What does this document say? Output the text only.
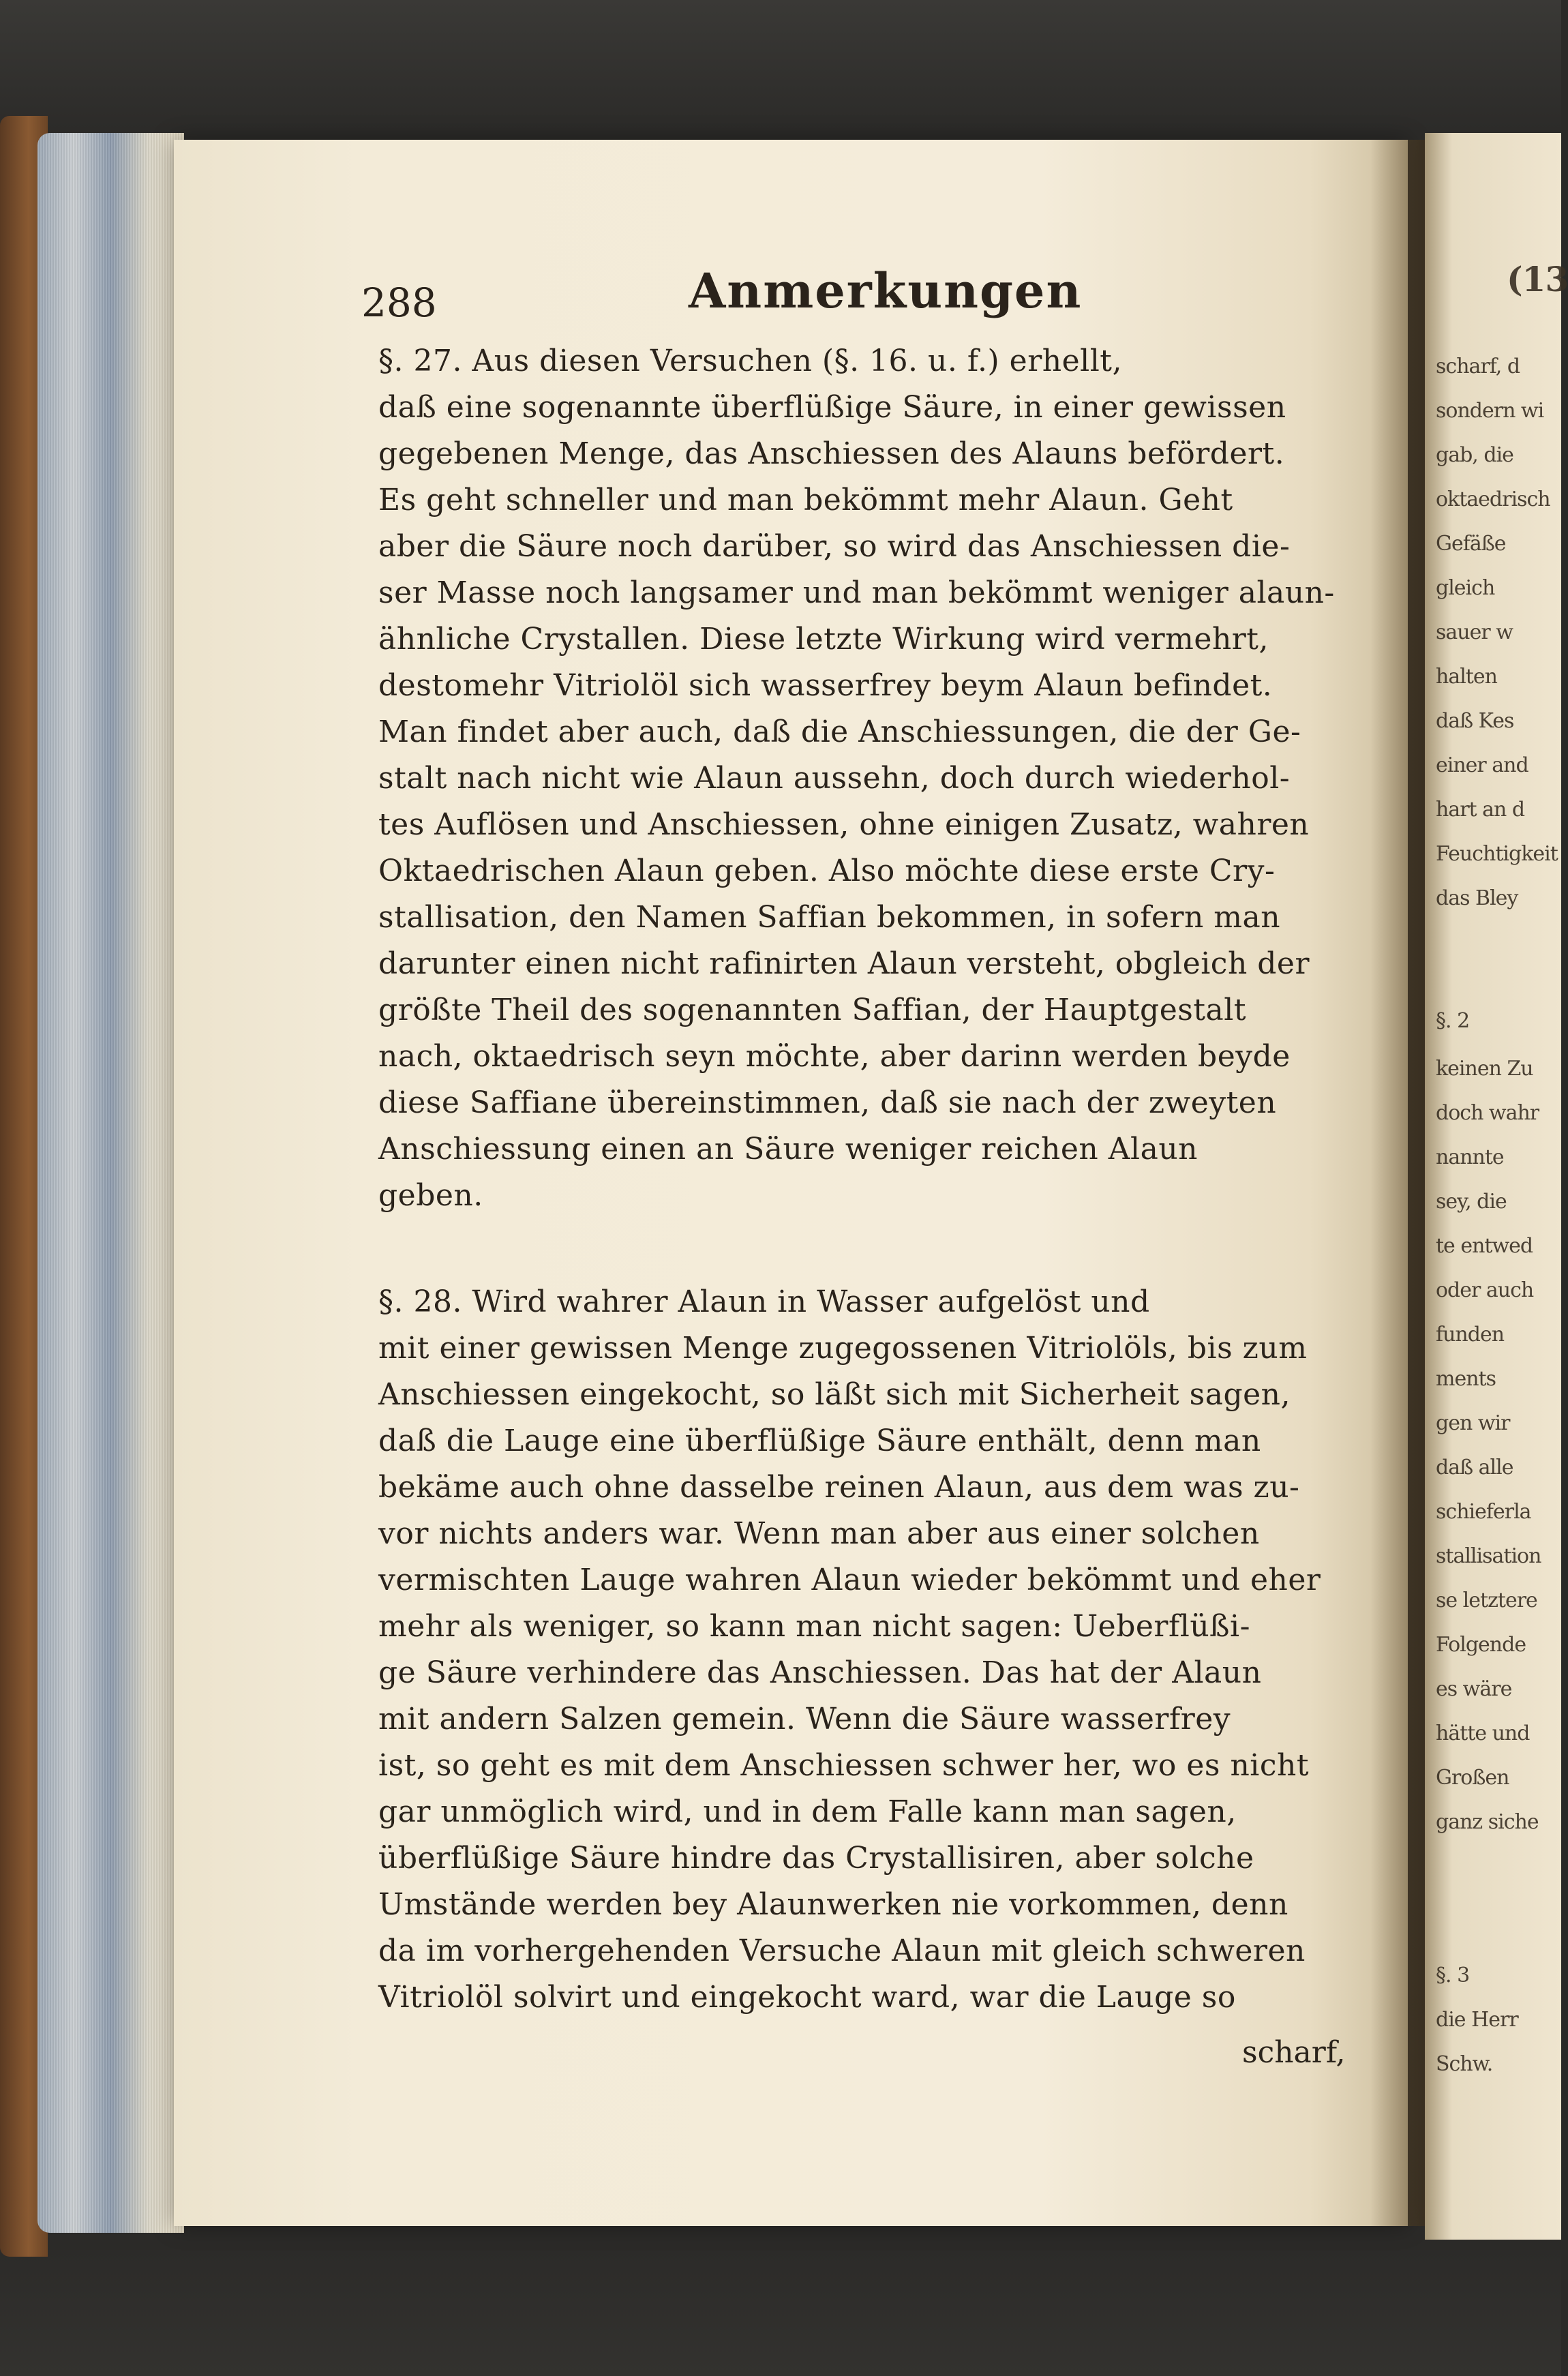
288	Anmerkungen
§. 27. Aus diesen Versuchen (§. 16. u. f.) erhellt,
daß eine sogenannte überflüßige Säure, in einer gewissen
gegebenen Menge, das Anschiessen des Alauns befördert.
Es geht schneller und man bekömmt mehr Alaun. Geht
aber die Säure noch darüber, so wird das Anschiessen die-
ser Masse noch langsamer und man bekömmt weniger alaun-
ähnliche Crystallen. Diese letzte Wirkung wird vermehrt,
destomehr Vitriolöl sich wasserfrey beym Alaun befindet.
Man findet aber auch, daß die Anschiessungen, die der Ge-
stalt nach nicht wie Alaun aussehn, doch durch wiederhol-
tes Auflösen und Anschiessen, ohne einigen Zusatz, wahren
Oktaedrischen Alaun geben. Also möchte diese erste Cry-
stallisation, den Namen Saffian bekommen, in sofern man
darunter einen nicht rafinirten Alaun versteht, obgleich der
größte Theil des sogenannten Saffian, der Hauptgestalt
nach, oktaedrisch seyn möchte, aber darinn werden beyde
diese Saffiane übereinstimmen, daß sie nach der zweyten
Anschiessung einen an Säure weniger reichen Alaun
geben.
§. 28. Wird wahrer Alaun in Wasser aufgelöst und
mit einer gewissen Menge zugegossenen Vitriolöls, bis zum
Anschiessen eingekocht, so läßt sich mit Sicherheit sagen,
daß die Lauge eine überflüßige Säure enthält, denn man
bekäme auch ohne dasselbe reinen Alaun, aus dem was zu-
vor nichts anders war. Wenn man aber aus einer solchen
vermischten Lauge wahren Alaun wieder bekömmt und eher
mehr als weniger, so kann man nicht sagen: Ueberflüßi-
ge Säure verhindere das Anschiessen. Das hat der Alaun
mit andern Salzen gemein. Wenn die Säure wasserfrey
ist, so geht es mit dem Anschiessen schwer her, wo es nicht
gar unmöglich wird, und in dem Falle kann man sagen,
überflüßige Säure hindre das Crystallisiren, aber solche
Umstände werden bey Alaunwerken nie vorkommen, denn
da im vorhergehenden Versuche Alaun mit gleich schweren
Vitriolöl solvirt und eingekocht ward, war die Lauge so
scharf,
(13
scharf, d
sondern wi
gab, die
oktaedrisch
Gefäße
gleich
sauer w
halten
daß Kes
einer and
hart an d
Feuchtigkeit
das Bley
§. 2
keinen Zu
doch wahr
nannte
sey, die
te entwed
oder auch
funden
ments
gen wir
daß alle
schieferla
stallisation
se letztere
Folgende
es wäre
hätte und
Großen
ganz siche
§. 3
die Herr
Schw.
